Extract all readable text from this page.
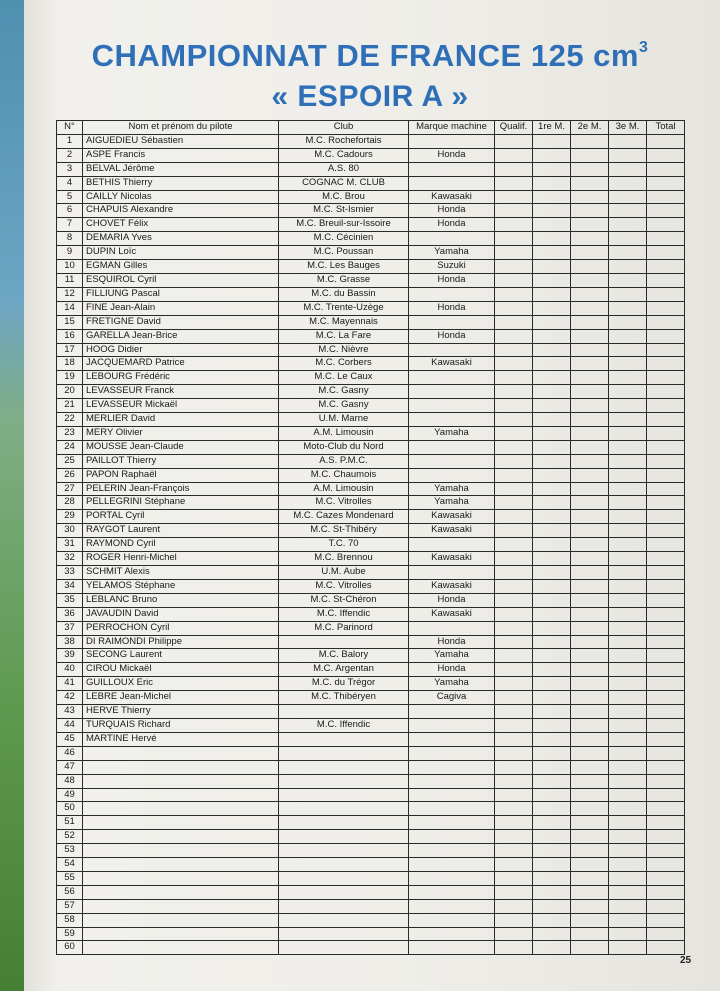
CHAMPIONNAT DE FRANCE 125 $cm^3$
« ESPOIR A »
N°	Nom et prénom du pilote	Club	Marque machine	Qualif.	1re M.	2e M.	3e M.	Total
1	AIGUEDIEU Sébastien	M.C. Rochefortais						
2	ASPE Francis	M.C. Cadours	Honda					
3	BELVAL Jérôme	A.S. 80						
4	BETHIS Thierry	COGNAC M. CLUB						
5	CAILLY Nicolas	M.C. Brou	Kawasaki					
6	CHAPUIS Alexandre	M.C. St-Ismier	Honda					
7	CHOVET Félix	M.C. Breuil-sur-Issoire	Honda					
8	DEMARIA Yves	M.C. Cécinien						
9	DUPIN Loïc	M.C. Poussan	Yamaha					
10	EGMAN Gilles	M.C. Les Bauges	Suzuki					
11	ESQUIROL Cyril	M.C. Grasse	Honda					
12	FILLIUNG Pascal	M.C. du Bassin						
14	FINE Jean-Alain	M.C. Trente-Uzège	Honda					
15	FRETIGNE David	M.C. Mayennais						
16	GARELLA Jean-Brice	M.C. La Fare	Honda					
17	HOOG Didier	M.C. Nièvre						
18	JACQUEMARD Patrice	M.C. Corbers	Kawasaki					
19	LEBOURG Frédéric	M.C. Le Caux						
20	LEVASSEUR Franck	M.C. Gasny						
21	LEVASSEUR Mickaël	M.C. Gasny						
22	MERLIER David	U.M. Marne						
23	MERY Olivier	A.M. Limousin	Yamaha					
24	MOUSSE Jean-Claude	Moto-Club du Nord						
25	PAILLOT Thierry	A.S. P.M.C.						
26	PAPON Raphaël	M.C. Chaumois						
27	PELERIN Jean-François	A.M. Limousin	Yamaha					
28	PELLEGRINI Stéphane	M.C. Vitrolles	Yamaha					
29	PORTAL Cyril	M.C. Cazes Mondenard	Kawasaki					
30	RAYGOT Laurent	M.C. St-Thibéry	Kawasaki					
31	RAYMOND Cyril	T.C. 70						
32	ROGER Henri-Michel	M.C. Brennou	Kawasaki					
33	SCHMIT Alexis	U.M. Aube						
34	YELAMOS Stéphane	M.C. Vitrolles	Kawasaki					
35	LEBLANC Bruno	M.C. St-Chéron	Honda					
36	JAVAUDIN David	M.C. Iffendic	Kawasaki					
37	PERROCHON Cyril	M.C. Parinord						
38	DI RAIMONDI Philippe		Honda					
39	SECONG Laurent	M.C. Balory	Yamaha					
40	CIROU Mickaël	M.C. Argentan	Honda					
41	GUILLOUX Eric	M.C. du Trégor	Yamaha					
42	LEBRE Jean-Michel	M.C. Thibéryen	Cagiva					
43	HERVE Thierry							
44	TURQUAIS Richard	M.C. Iffendic						
45	MARTINE Hervé							
46								
47								
48								
49								
50								
51								
52								
53								
54								
55								
56								
57								
58								
59								
60								
25
